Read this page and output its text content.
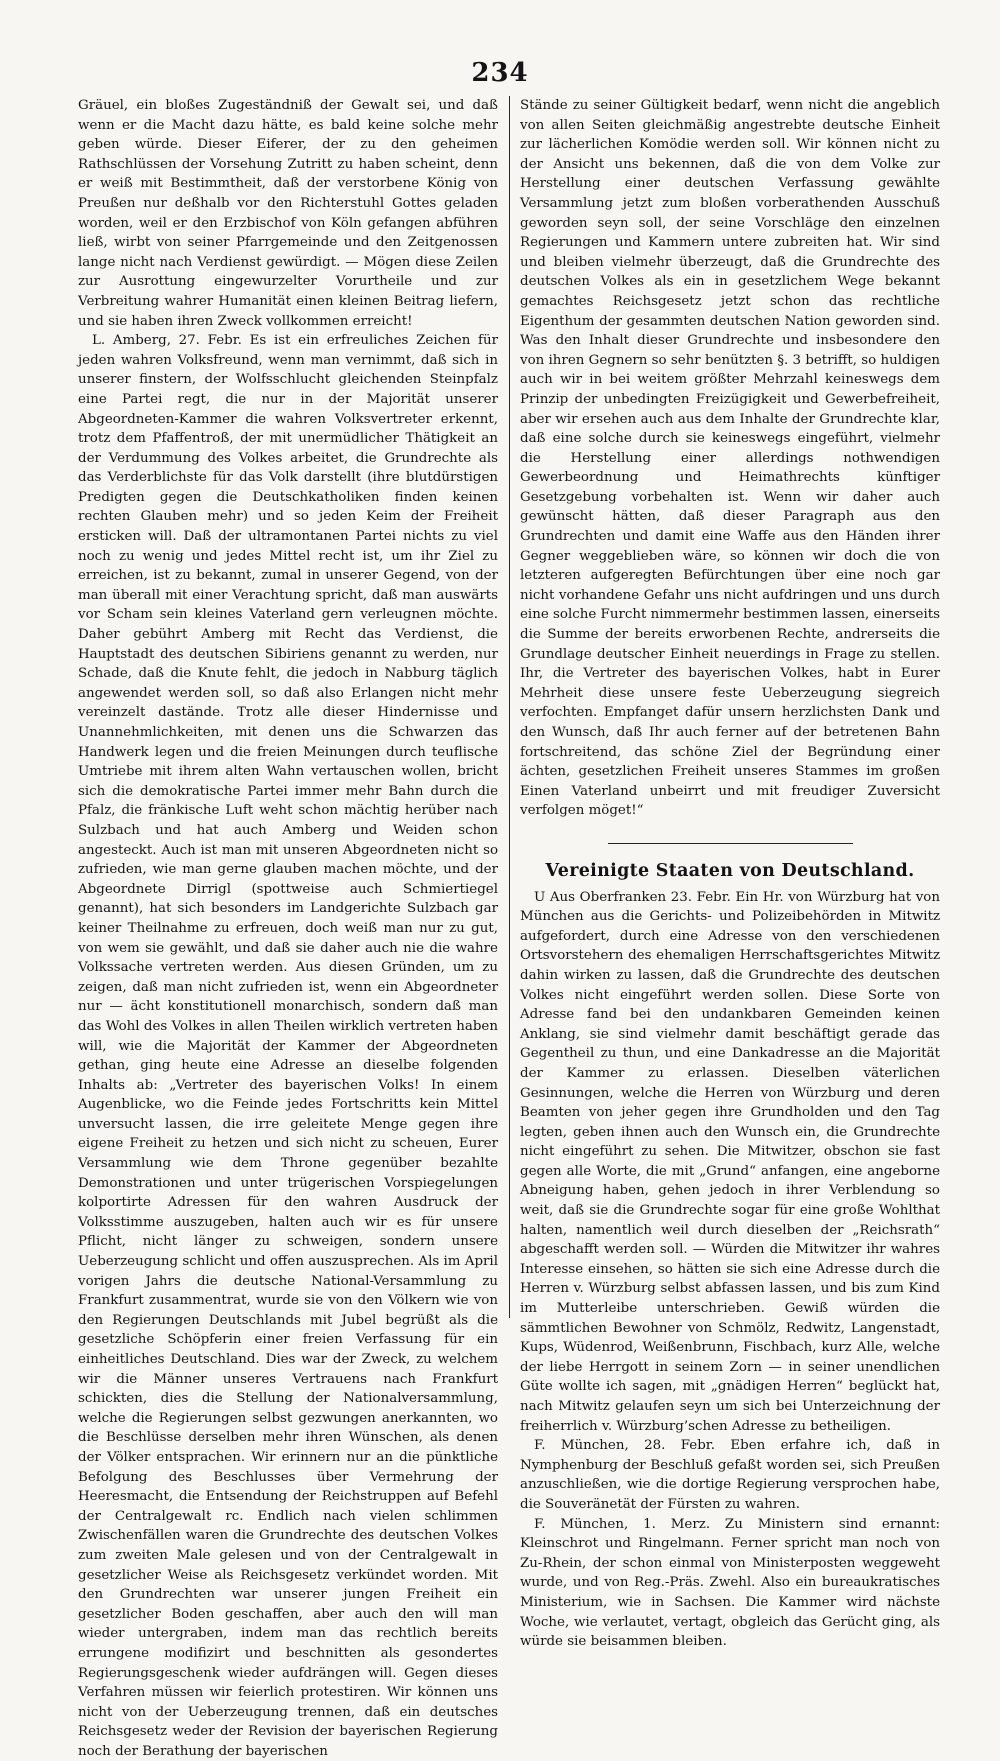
234

Gräuel, ein bloßes Zugeständniß der Gewalt sei, und daß wenn er die Macht dazu hätte, es bald keine solche mehr geben würde. Dieser Eiferer, der zu den geheimen Rathschlüssen der Vorsehung Zutritt zu haben scheint, denn er weiß mit Bestimmtheit, daß der verstorbene König von Preußen nur deßhalb vor den Richterstuhl Gottes geladen worden, weil er den Erzbischof von Köln gefangen abführen ließ, wirbt von seiner Pfarrgemeinde und den Zeitgenossen lange nicht nach Verdienst gewürdigt. — Mögen diese Zeilen zur Ausrottung eingewurzelter Vorurtheile und zur Verbreitung wahrer Humanität einen kleinen Beitrag liefern, und sie haben ihren Zweck vollkommen erreicht!

L. Amberg, 27. Febr. Es ist ein erfreuliches Zeichen für jeden wahren Volksfreund, wenn man vernimmt, daß sich in unserer finstern, der Wolfsschlucht gleichenden Steinpfalz eine Partei regt, die nur in der Majorität unserer Abgeordneten-Kammer die wahren Volksvertreter erkennt, trotz dem Pfaffentroß, der mit unermüdlicher Thätigkeit an der Verdummung des Volkes arbeitet, die Grundrechte als das Verderblichste für das Volk darstellt (ihre blutdürstigen Predigten gegen die Deutschkatholiken finden keinen rechten Glauben mehr) und so jeden Keim der Freiheit ersticken will. Daß der ultramontanen Partei nichts zu viel noch zu wenig und jedes Mittel recht ist, um ihr Ziel zu erreichen, ist zu bekannt, zumal in unserer Gegend, von der man überall mit einer Verachtung spricht, daß man auswärts vor Scham sein kleines Vaterland gern verleugnen möchte. Daher gebührt Amberg mit Recht das Verdienst, die Hauptstadt des deutschen Sibiriens genannt zu werden, nur Schade, daß die Knute fehlt, die jedoch in Nabburg täglich angewendet werden soll, so daß also Erlangen nicht mehr vereinzelt dastände. Trotz alle dieser Hindernisse und Unannehmlichkeiten, mit denen uns die Schwarzen das Handwerk legen und die freien Meinungen durch teuflische Umtriebe mit ihrem alten Wahn vertauschen wollen, bricht sich die demokratische Partei immer mehr Bahn durch die Pfalz, die fränkische Luft weht schon mächtig herüber nach Sulzbach und hat auch Amberg und Weiden schon angesteckt. Auch ist man mit unseren Abgeordneten nicht so zufrieden, wie man gerne glauben machen möchte, und der Abgeordnete Dirrigl (spottweise auch Schmiertiegel genannt), hat sich besonders im Landgerichte Sulzbach gar keiner Theilnahme zu erfreuen, doch weiß man nur zu gut, von wem sie gewählt, und daß sie daher auch nie die wahre Volkssache vertreten werden. Aus diesen Gründen, um zu zeigen, daß man nicht zufrieden ist, wenn ein Abgeordneter nur — ächt konstitutionell monarchisch, sondern daß man das Wohl des Volkes in allen Theilen wirklich vertreten haben will, wie die Majorität der Kammer der Abgeordneten gethan, ging heute eine Adresse an dieselbe folgenden Inhalts ab: „Vertreter des bayerischen Volks! In einem Augenblicke, wo die Feinde jedes Fortschritts kein Mittel unversucht lassen, die irre geleitete Menge gegen ihre eigene Freiheit zu hetzen und sich nicht zu scheuen, Eurer Versammlung wie dem Throne gegenüber bezahlte Demonstrationen und unter trügerischen Vorspiegelungen kolportirte Adressen für den wahren Ausdruck der Volksstimme auszugeben, halten auch wir es für unsere Pflicht, nicht länger zu schweigen, sondern unsere Ueberzeugung schlicht und offen auszusprechen. Als im April vorigen Jahrs die deutsche National-Versammlung zu Frankfurt zusammentrat, wurde sie von den Völkern wie von den Regierungen Deutschlands mit Jubel begrüßt als die gesetzliche Schöpferin einer freien Verfassung für ein einheitliches Deutschland. Dies war der Zweck, zu welchem wir die Männer unseres Vertrauens nach Frankfurt schickten, dies die Stellung der Nationalversammlung, welche die Regierungen selbst gezwungen anerkannten, wo die Beschlüsse derselben mehr ihren Wünschen, als denen der Völker entsprachen. Wir erinnern nur an die pünktliche Befolgung des Beschlusses über Vermehrung der Heeresmacht, die Entsendung der Reichstruppen auf Befehl der Centralgewalt rc. Endlich nach vielen schlimmen Zwischenfällen waren die Grundrechte des deutschen Volkes zum zweiten Male gelesen und von der Centralgewalt in gesetzlicher Weise als Reichsgesetz verkündet worden. Mit den Grundrechten war unserer jungen Freiheit ein gesetzlicher Boden geschaffen, aber auch den will man wieder untergraben, indem man das rechtlich bereits errungene modifizirt und beschnitten als gesondertes Regierungsgeschenk wieder aufdrängen will. Gegen dieses Verfahren müssen wir feierlich protestiren. Wir können uns nicht von der Ueberzeugung trennen, daß ein deutsches Reichsgesetz weder der Revision der bayerischen Regierung noch der Berathung der bayerischen

Stände zu seiner Gültigkeit bedarf, wenn nicht die angeblich von allen Seiten gleichmäßig angestrebte deutsche Einheit zur lächerlichen Komödie werden soll. Wir können nicht zu der Ansicht uns bekennen, daß die von dem Volke zur Herstellung einer deutschen Verfassung gewählte Versammlung jetzt zum bloßen vorberathenden Ausschuß geworden seyn soll, der seine Vorschläge den einzelnen Regierungen und Kammern untere zubreiten hat. Wir sind und bleiben vielmehr überzeugt, daß die Grundrechte des deutschen Volkes als ein in gesetzlichem Wege bekannt gemachtes Reichsgesetz jetzt schon das rechtliche Eigenthum der gesammten deutschen Nation geworden sind. Was den Inhalt dieser Grundrechte und insbesondere den von ihren Gegnern so sehr benützten §. 3 betrifft, so huldigen auch wir in bei weitem größter Mehrzahl keineswegs dem Prinzip der unbedingten Freizügigkeit und Gewerbefreiheit, aber wir ersehen auch aus dem Inhalte der Grundrechte klar, daß eine solche durch sie keineswegs eingeführt, vielmehr die Herstellung einer allerdings nothwendigen Gewerbeordnung und Heimathrechts künftiger Gesetzgebung vorbehalten ist. Wenn wir daher auch gewünscht hätten, daß dieser Paragraph aus den Grundrechten und damit eine Waffe aus den Händen ihrer Gegner weggeblieben wäre, so können wir doch die von letzteren aufgeregten Befürchtungen über eine noch gar nicht vorhandene Gefahr uns nicht aufdringen und uns durch eine solche Furcht nimmermehr bestimmen lassen, einerseits die Summe der bereits erworbenen Rechte, andrerseits die Grundlage deutscher Einheit neuerdings in Frage zu stellen. Ihr, die Vertreter des bayerischen Volkes, habt in Eurer Mehrheit diese unsere feste Ueberzeugung siegreich verfochten. Empfanget dafür unsern herzlichsten Dank und den Wunsch, daß Ihr auch ferner auf der betretenen Bahn fortschreitend, das schöne Ziel der Begründung einer ächten, gesetzlichen Freiheit unseres Stammes im großen Einen Vaterland unbeirrt und mit freudiger Zuversicht verfolgen möget!“

Vereinigte Staaten von Deutschland.

U Aus Oberfranken 23. Febr. Ein Hr. von Würzburg hat von München aus die Gerichts- und Polizeibehörden in Mitwitz aufgefordert, durch eine Adresse von den verschiedenen Ortsvorstehern des ehemaligen Herrschaftsgerichtes Mitwitz dahin wirken zu lassen, daß die Grundrechte des deutschen Volkes nicht eingeführt werden sollen. Diese Sorte von Adresse fand bei den undankbaren Gemeinden keinen Anklang, sie sind vielmehr damit beschäftigt gerade das Gegentheil zu thun, und eine Dankadresse an die Majorität der Kammer zu erlassen. Dieselben väterlichen Gesinnungen, welche die Herren von Würzburg und deren Beamten von jeher gegen ihre Grundholden und den Tag legten, geben ihnen auch den Wunsch ein, die Grundrechte nicht eingeführt zu sehen. Die Mitwitzer, obschon sie fast gegen alle Worte, die mit „Grund“ anfangen, eine angeborne Abneigung haben, gehen jedoch in ihrer Verblendung so weit, daß sie die Grundrechte sogar für eine große Wohlthat halten, namentlich weil durch dieselben der „Reichsrath“ abgeschafft werden soll. — Würden die Mitwitzer ihr wahres Interesse einsehen, so hätten sie sich eine Adresse durch die Herren v. Würzburg selbst abfassen lassen, und bis zum Kind im Mutterleibe unterschrieben. Gewiß würden die sämmtlichen Bewohner von Schmölz, Redwitz, Langenstadt, Kups, Wüdenrod, Weißenbrunn, Fischbach, kurz Alle, welche der liebe Herrgott in seinem Zorn — in seiner unendlichen Güte wollte ich sagen, mit „gnädigen Herren“ beglückt hat, nach Mitwitz gelaufen seyn um sich bei Unterzeichnung der freiherrlich v. Würzburg’schen Adresse zu betheiligen.

F. München, 28. Febr. Eben erfahre ich, daß in Nymphenburg der Beschluß gefaßt worden sei, sich Preußen anzuschließen, wie die dortige Regierung versprochen habe, die Souveränetät der Fürsten zu wahren.

F. München, 1. Merz. Zu Ministern sind ernannt: Kleinschrot und Ringelmann. Ferner spricht man noch von Zu-Rhein, der schon einmal von Ministerposten weggeweht wurde, und von Reg.-Präs. Zwehl. Also ein bureaukratisches Ministerium, wie in Sachsen. Die Kammer wird nächste Woche, wie verlautet, vertagt, obgleich das Gerücht ging, als würde sie beisammen bleiben.
